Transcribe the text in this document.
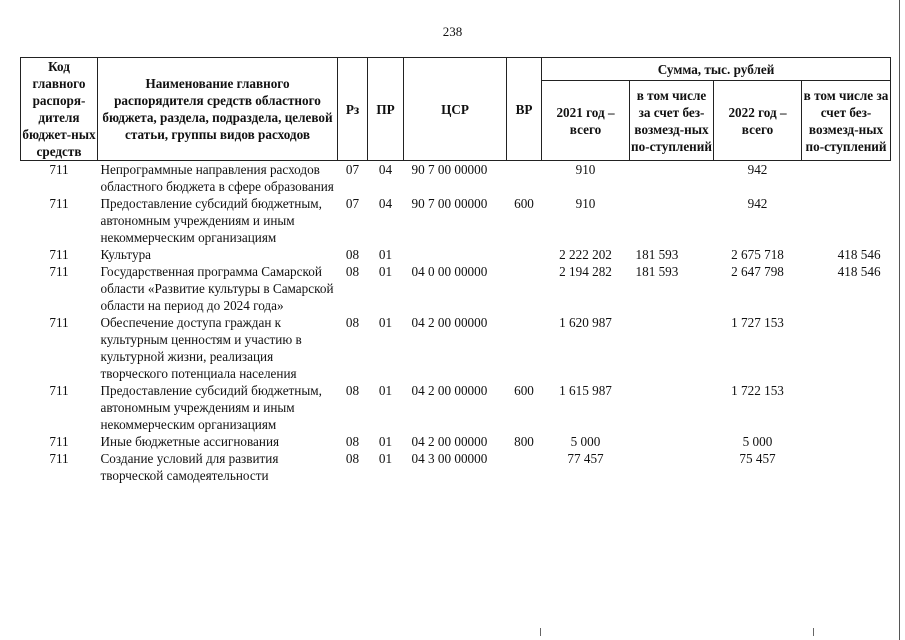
238
Код главного распоря-дителя бюджет-ных средств	Наименование главного распорядителя средств областного бюджета, раздела, подраздела, целевой статьи, группы видов расходов	Рз	ПР	ЦСР	ВР	Сумма, тыс. рублей			
						2021 год – всего	в том числе за счет без-возмезд-ных по-ступлений	2022 год – всего	в том числе за счет без-возмезд-ных по-ступлений
711	Непрограммные направления расходов областного бюджета в сфере образования	07	04	90 7 00 00000		910		942	
711	Предоставление субсидий бюджетным, автономным учреждениям и иным некоммерческим организациям	07	04	90 7 00 00000	600	910		942	
711	Культура	08	01			2 222 202	181 593	2 675 718	418 546
711	Государственная программа Самарской области «Развитие культуры в Самарской области на период до 2024 года»	08	01	04 0 00 00000		2 194 282	181 593	2 647 798	418 546
711	Обеспечение доступа граждан к культурным ценностям и участию в культурной жизни, реализация творческого потенциала населения	08	01	04 2 00 00000		1 620 987		1 727 153	
711	Предоставление субсидий бюджетным, автономным учреждениям и иным некоммерческим организациям	08	01	04 2 00 00000	600	1 615 987		1 722 153	
711	Иные бюджетные ассигнования	08	01	04 2 00 00000	800	5 000		5 000	
711	Создание условий для развития творческой самодеятельности	08	01	04 3 00 00000		77 457		75 457	
